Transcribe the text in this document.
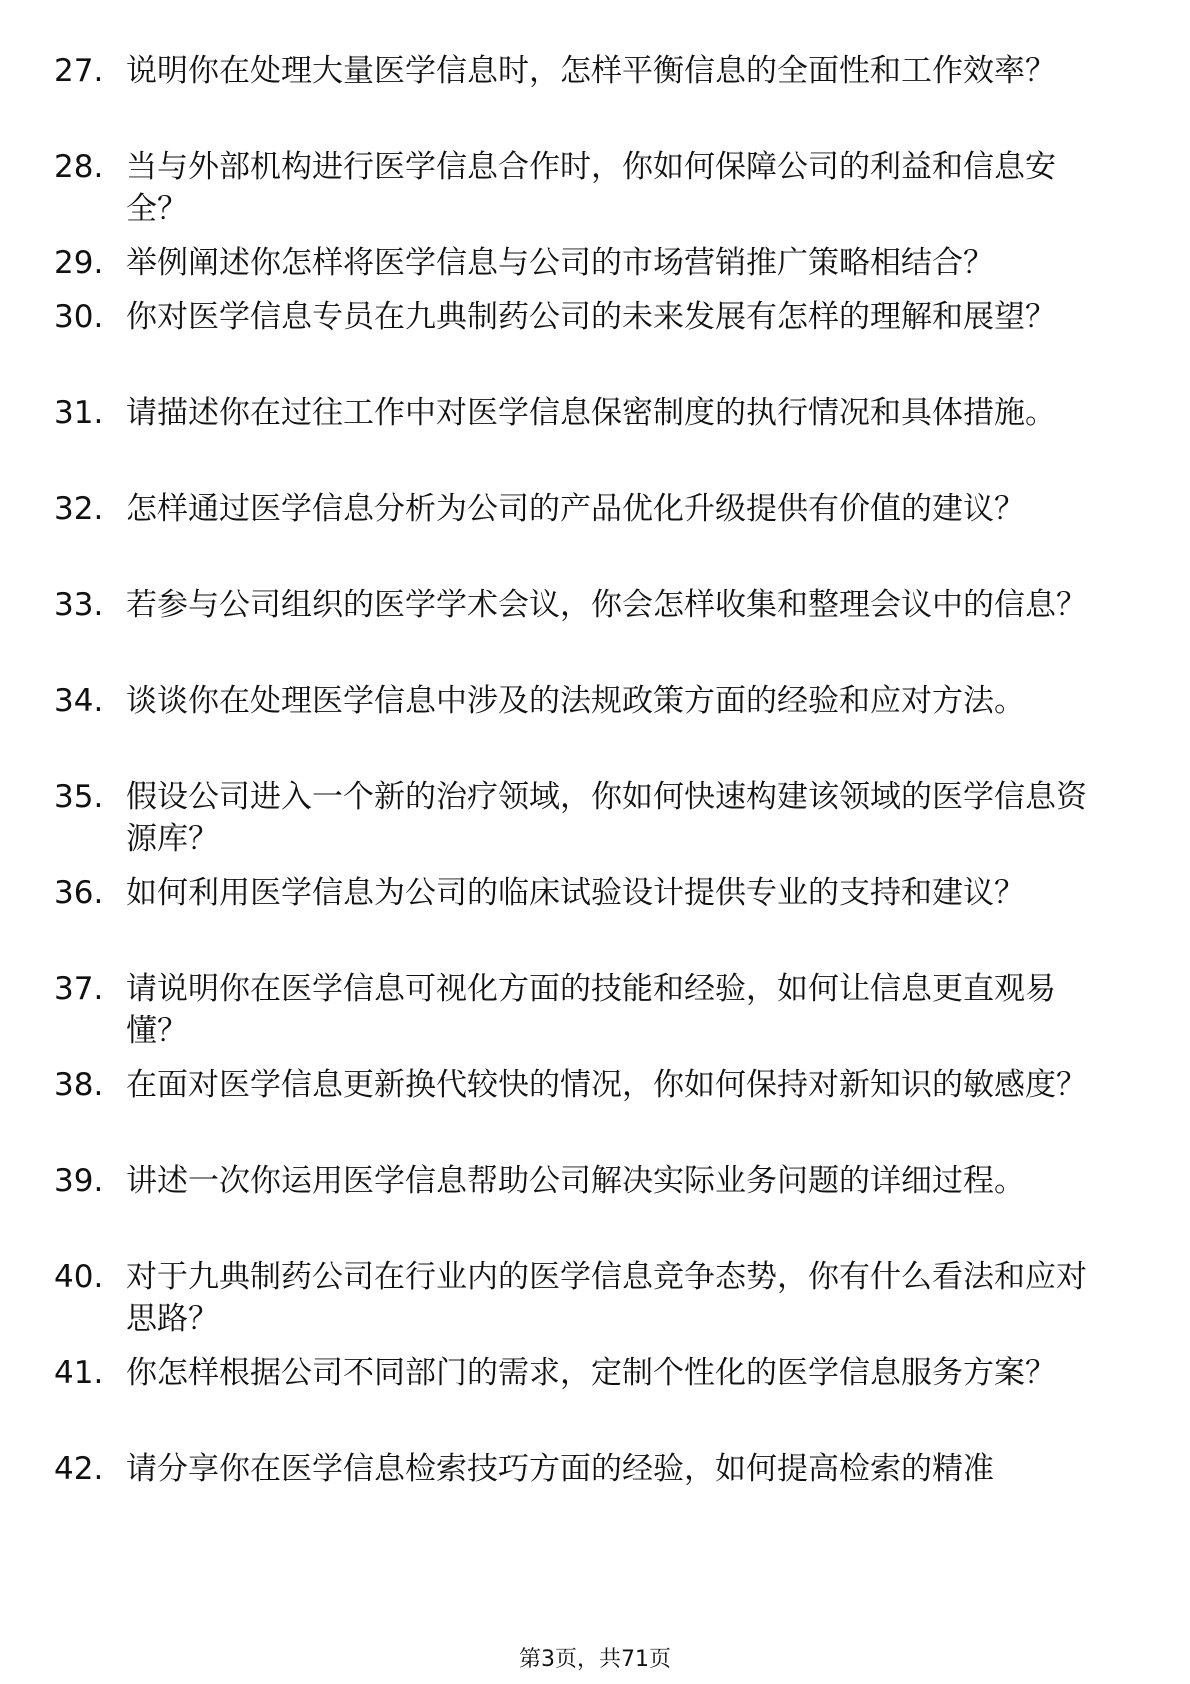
27. 说明你在处理大量医学信息时，怎样平衡信息的全面性和工作效率？
28. 当与外部机构进行医学信息合作时，你如何保障公司的利益和信息安全？
29. 举例阐述你怎样将医学信息与公司的市场营销推广策略相结合？
30. 你对医学信息专员在九典制药公司的未来发展有怎样的理解和展望？
31. 请描述你在过往工作中对医学信息保密制度的执行情况和具体措施。
32. 怎样通过医学信息分析为公司的产品优化升级提供有价值的建议？
33. 若参与公司组织的医学学术会议，你会怎样收集和整理会议中的信息？
34. 谈谈你在处理医学信息中涉及的法规政策方面的经验和应对方法。
35. 假设公司进入一个新的治疗领域，你如何快速构建该领域的医学信息资源库？
36. 如何利用医学信息为公司的临床试验设计提供专业的支持和建议？
37. 请说明你在医学信息可视化方面的技能和经验，如何让信息更直观易懂？
38. 在面对医学信息更新换代较快的情况，你如何保持对新知识的敏感度？
39. 讲述一次你运用医学信息帮助公司解决实际业务问题的详细过程。
40. 对于九典制药公司在行业内的医学信息竞争态势，你有什么看法和应对思路？
41. 你怎样根据公司不同部门的需求，定制个性化的医学信息服务方案？
42. 请分享你在医学信息检索技巧方面的经验，如何提高检索的精准
第3页，共71页
